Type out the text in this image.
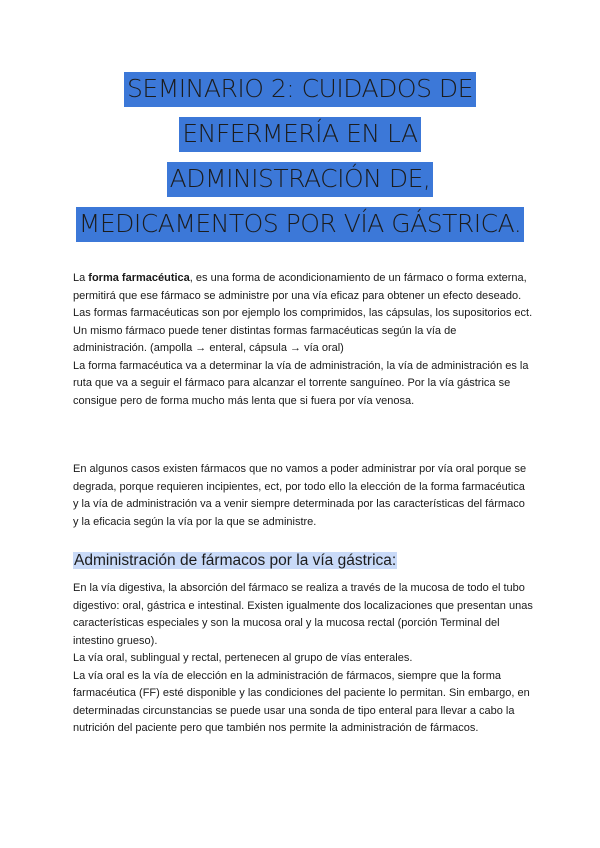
SEMINARIO 2: CUIDADOS DE
ENFERMERÍA EN LA
ADMINISTRACIÓN DE,
MEDICAMENTOS POR VÍA GÁSTRICA.

La forma farmacéutica, es una forma de acondicionamiento de un fármaco o forma externa, permitirá que ese fármaco se administre por una vía eficaz para obtener un efecto deseado.

Las formas farmacéuticas son por ejemplo los comprimidos, las cápsulas, los supositorios ect.

Un mismo fármaco puede tener distintas formas farmacéuticas según la vía de administración. (ampolla → enteral, cápsula → vía oral)

La forma farmacéutica va a determinar la vía de administración, la vía de administración es la ruta que va a seguir el fármaco para alcanzar el torrente sanguíneo. Por la vía gástrica se consigue pero de forma mucho más lenta que si fuera por vía venosa.

En algunos casos existen fármacos que no vamos a poder administrar por vía oral porque se degrada, porque requieren incipientes, ect, por todo ello la elección de la forma farmacéutica y la vía de administración va a venir siempre determinada por las características del fármaco y la eficacia según la vía por la que se administre.

Administración de fármacos por la vía gástrica:

En la vía digestiva, la absorción del fármaco se realiza a través de la mucosa de todo el tubo digestivo: oral, gástrica e intestinal. Existen igualmente dos localizaciones que presentan unas características especiales y son la mucosa oral y la mucosa rectal (porción Terminal del intestino grueso).

La vía oral, sublingual y rectal, pertenecen al grupo de vías enterales.

La vía oral es la vía de elección en la administración de fármacos, siempre que la forma farmacéutica (FF) esté disponible y las condiciones del paciente lo permitan. Sin embargo, en determinadas circunstancias se puede usar una sonda de tipo enteral para llevar a cabo la nutrición del paciente pero que también nos permite la administración de fármacos.
